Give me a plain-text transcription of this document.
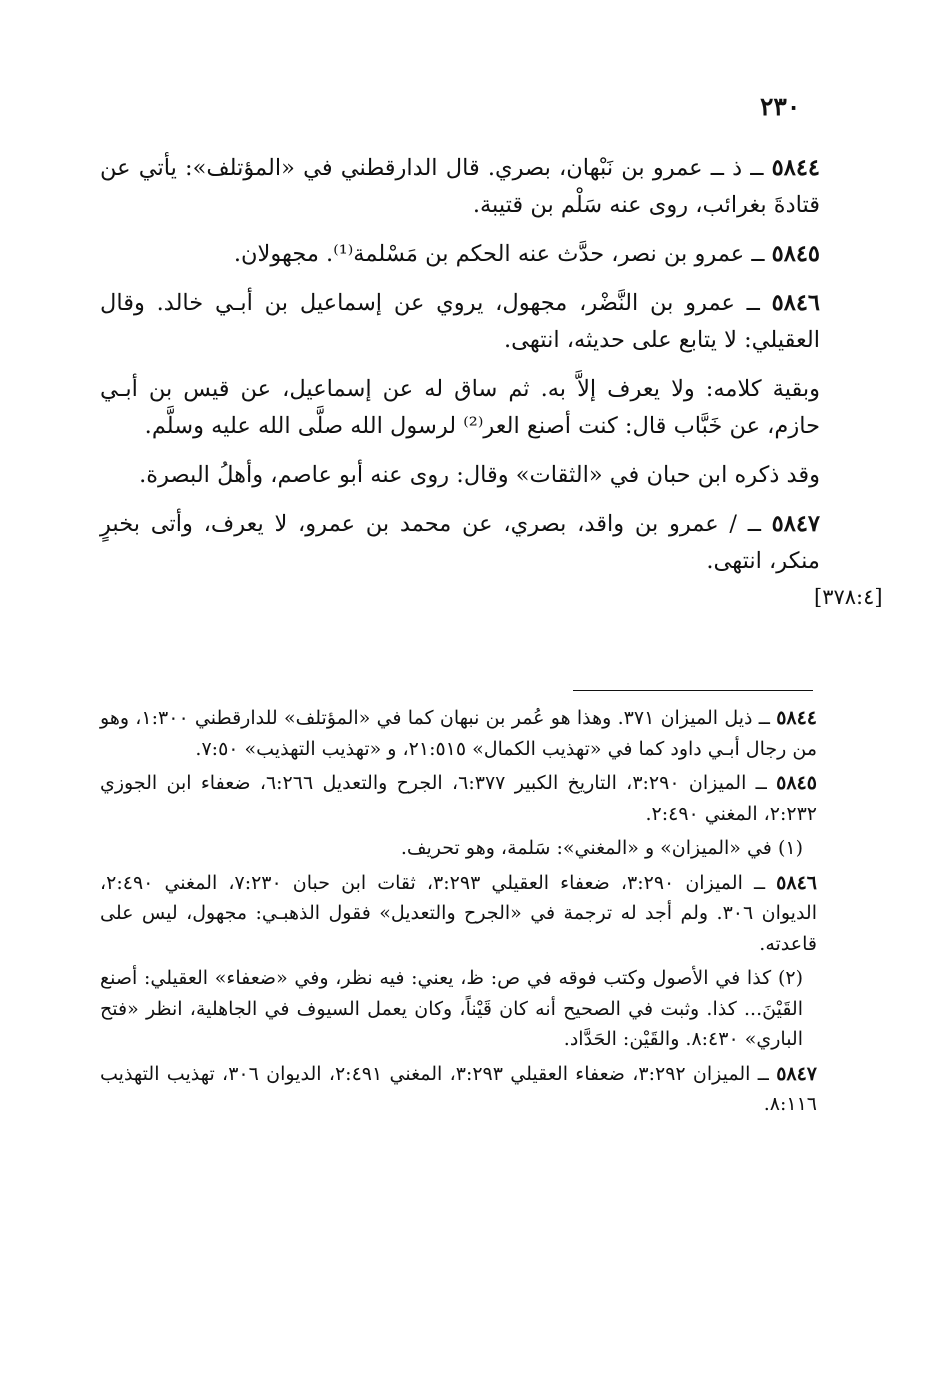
٢٣٠

٥٨٤٤ ــ ذ ــ عمرو بن نَبْهان، بصري. قال الدارقطني في «المؤتلف»: يأتي عن قتادةَ بغرائب، روى عنه سَلْم بن قتيبة.

٥٨٤٥ ــ عمرو بن نصر، حدَّث عنه الحكم بن مَسْلمة⁽¹⁾. مجهولان.

٥٨٤٦ ــ عمرو بن النَّضْر، مجهول، يروي عن إسماعيل بن أبـي خالد. وقال العقيلي: لا يتابع على حديثه، انتهى.

وبقية كلامه: ولا يعرف إلاَّ به. ثم ساق له عن إسماعيل، عن قيس بن أبـي حازم، عن خَبَّاب قال: كنت أصنع العر⁽²⁾ لرسول الله صلَّى الله عليه وسلَّم.

وقد ذكره ابن حبان في «الثقات» وقال: روى عنه أبو عاصم، وأهلُ البصرة.

٥٨٤٧ ــ / عمرو بن واقد، بصري، عن محمد بن عمرو، لا يعرف، وأتى بخبرٍ منكر، انتهى.

[٣٧٨:٤]

٥٨٤٤ ــ ذيل الميزان ٣٧١. وهذا هو عُمر بن نبهان كما في «المؤتلف» للدارقطني ١:٣٠٠، وهو من رجال أبـي داود كما في «تهذيب الكمال» ٢١:٥١٥، و «تهذيب التهذيب» ٧:٥٠.

٥٨٤٥ ــ الميزان ٣:٢٩٠، التاريخ الكبير ٦:٣٧٧، الجرح والتعديل ٦:٢٦٦، ضعفاء ابن الجوزي ٢:٢٣٢، المغني ٢:٤٩٠.

(١) في «الميزان» و «المغني»: سَلمة، وهو تحريف.

٥٨٤٦ ــ الميزان ٣:٢٩٠، ضعفاء العقيلي ٣:٢٩٣، ثقات ابن حبان ٧:٢٣٠، المغني ٢:٤٩٠، الديوان ٣٠٦. ولم أجد له ترجمة في «الجرح والتعديل» فقول الذهبـي: مجهول، ليس على قاعدته.

(٢) كذا في الأصول وكتب فوقه في ص: ظ، يعني: فيه نظر، وفي «ضعفاء» العقيلي: أصنع القَيْنَ... كذا. وثبت في الصحيح أنه كان قَيْناً، وكان يعمل السيوف في الجاهلية، انظر «فتح الباري» ٨:٤٣٠. والقَيْن: الحَدَّاد.

٥٨٤٧ ــ الميزان ٣:٢٩٢، ضعفاء العقيلي ٣:٢٩٣، المغني ٢:٤٩١، الديوان ٣٠٦، تهذيب التهذيب ٨:١١٦.
